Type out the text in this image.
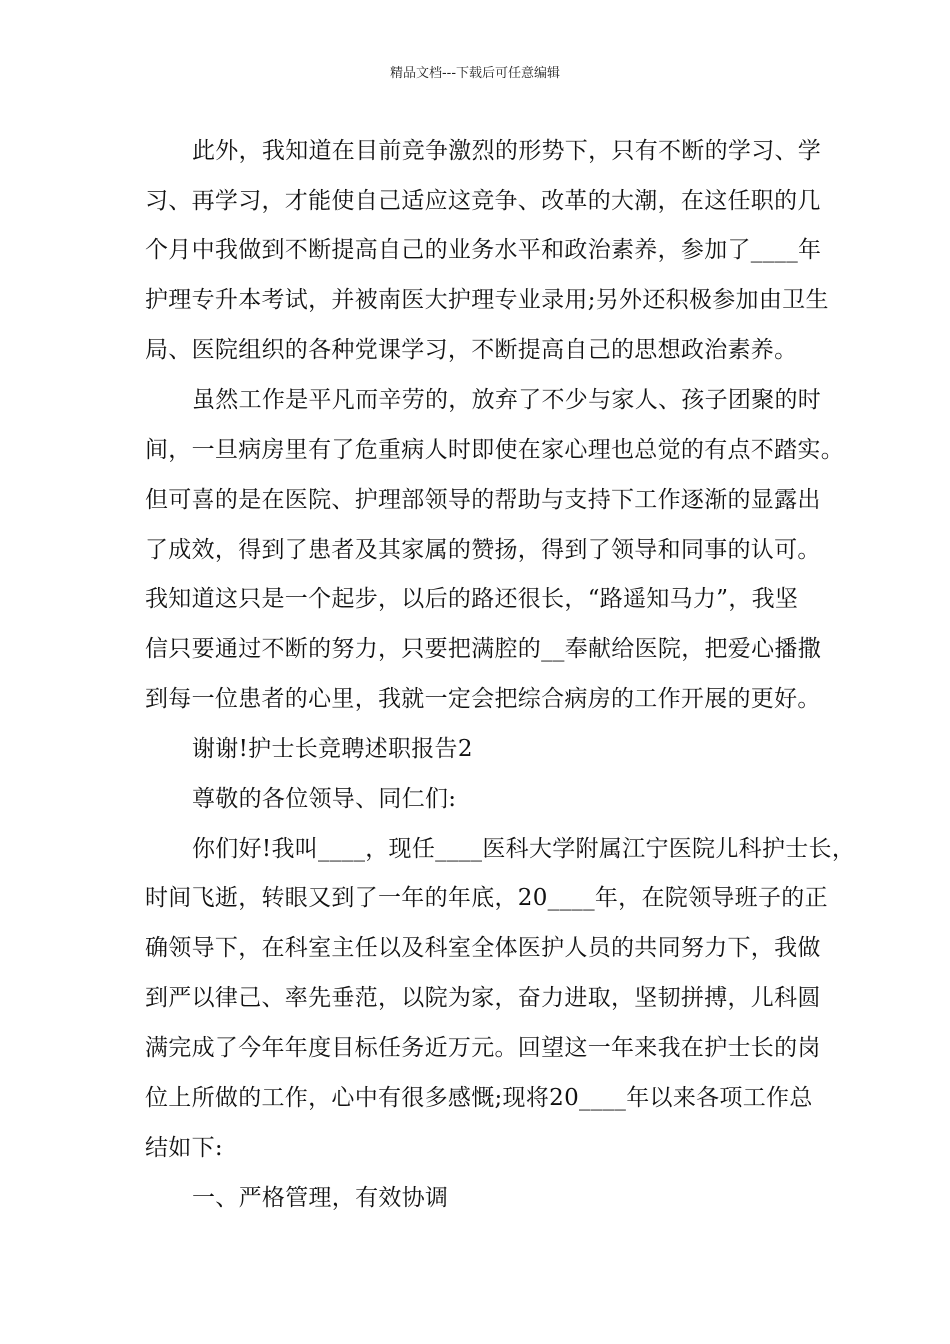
精品文档---下载后可任意编辑
此外，我知道在目前竞争激烈的形势下，只有不断的学习、学
习、再学习，才能使自己适应这竞争、改革的大潮，在这任职的几
个月中我做到不断提高自己的业务水平和政治素养，参加了____年
护理专升本考试，并被南医大护理专业录用;另外还积极参加由卫生
局、医院组织的各种党课学习，不断提高自己的思想政治素养。
虽然工作是平凡而辛劳的，放弃了不少与家人、孩子团聚的时
间，一旦病房里有了危重病人时即使在家心理也总觉的有点不踏实。
但可喜的是在医院、护理部领导的帮助与支持下工作逐渐的显露出
了成效，得到了患者及其家属的赞扬，得到了领导和同事的认可。
我知道这只是一个起步，以后的路还很长，“路遥知马力”，我坚
信只要通过不断的努力，只要把满腔的__奉献给医院，把爱心播撒
到每一位患者的心里，我就一定会把综合病房的工作开展的更好。
谢谢!护士长竞聘述职报告2
尊敬的各位领导、同仁们:
你们好!我叫____，现任____医科大学附属江宁医院儿科护士长，
时间飞逝，转眼又到了一年的年底，20____年，在院领导班子的正
确领导下，在科室主任以及科室全体医护人员的共同努力下，我做
到严以律己、率先垂范，以院为家，奋力进取，坚韧拼搏，儿科圆
满完成了今年年度目标任务近万元。回望这一年来我在护士长的岗
位上所做的工作，心中有很多感慨;现将20____年以来各项工作总
结如下:
一、严格管理，有效协调
